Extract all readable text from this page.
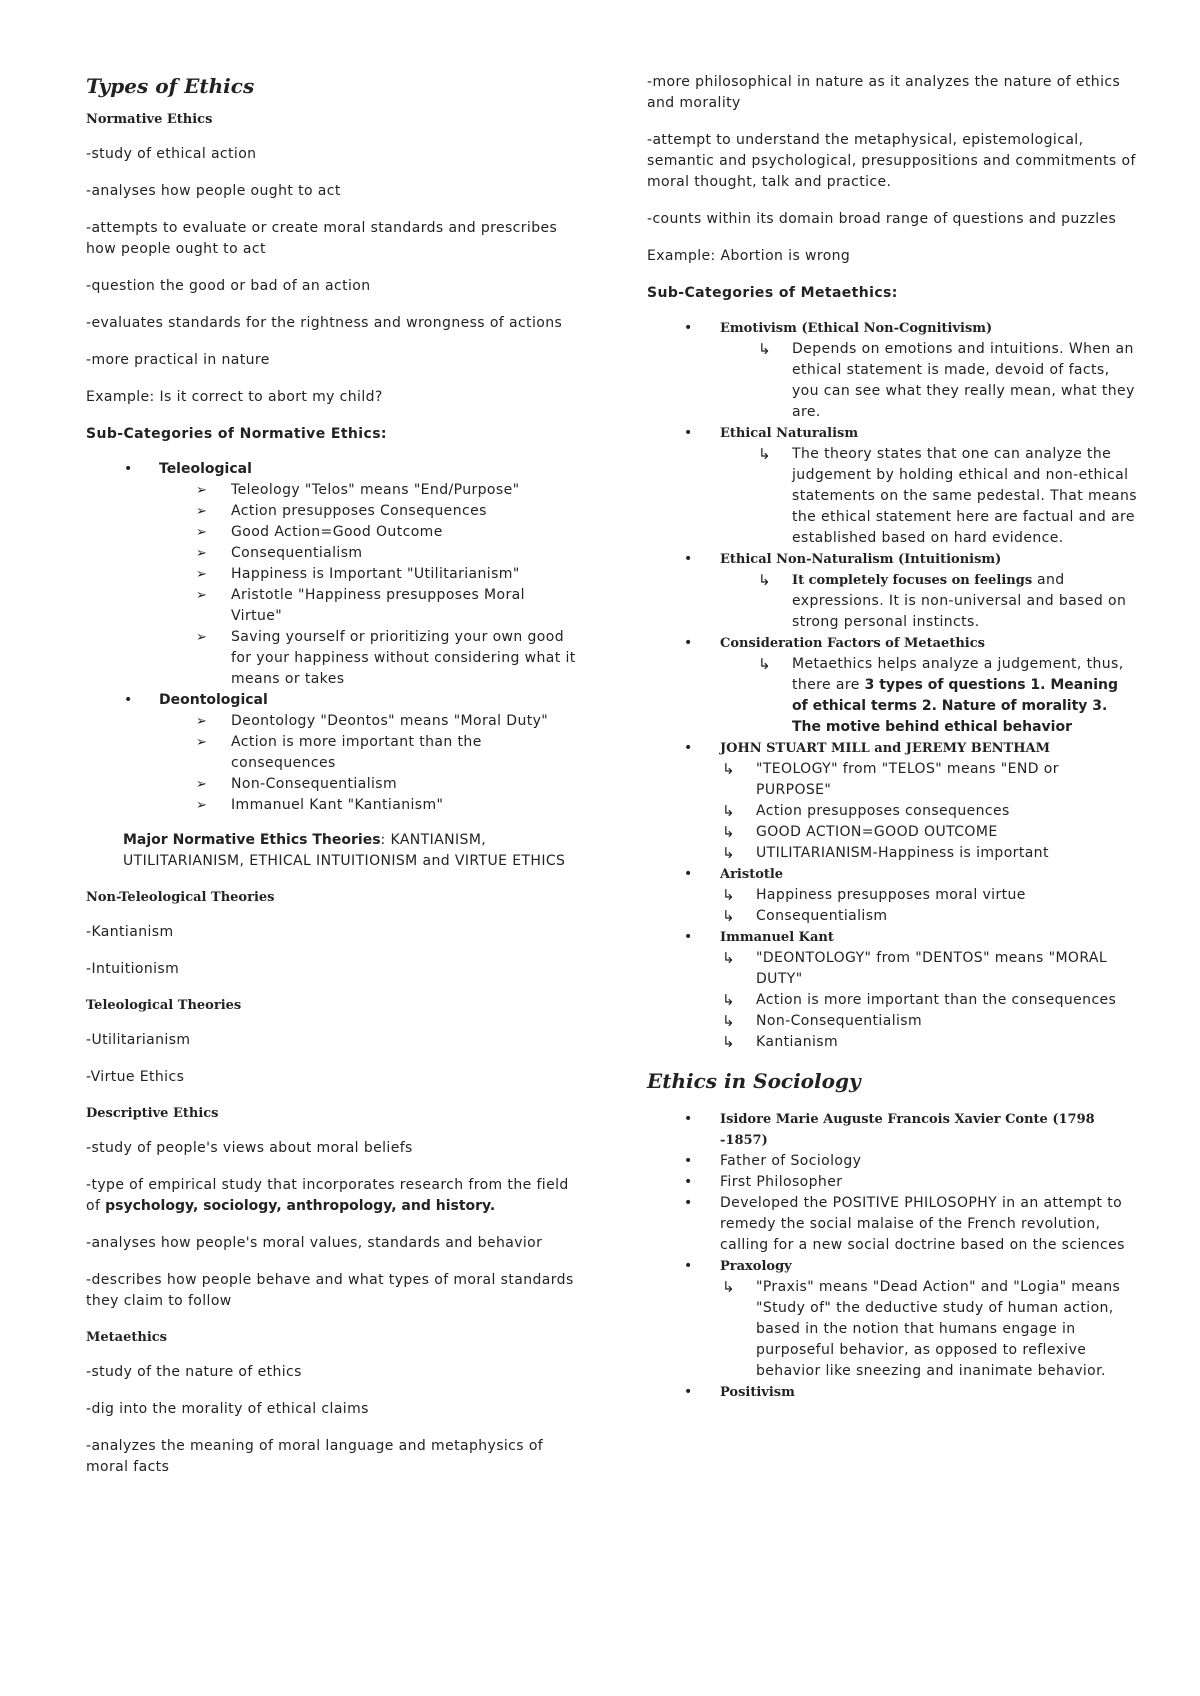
Types of Ethics
Normative Ethics

-study of ethical action

-analyses how people ought to act

-attempts to evaluate or create moral standards and prescribes how people ought to act

-question the good or bad of an action

-evaluates standards for the rightness and wrongness of actions

-more practical in nature

Example: Is it correct to abort my child?

Sub-Categories of Normative Ethics:

• Teleological
➢ Teleology "Telos" means "End/Purpose"
➢ Action presupposes Consequences
➢ Good Action=Good Outcome
➢ Consequentialism
➢ Happiness is Important "Utilitarianism"
➢ Aristotle "Happiness presupposes Moral Virtue"
➢ Saving yourself or prioritizing your own good for your happiness without considering what it means or takes
• Deontological
➢ Deontology "Deontos" means "Moral Duty"
➢ Action is more important than the consequences
➢ Non-Consequentialism
➢ Immanuel Kant "Kantianism"

Major Normative Ethics Theories: KANTIANISM, UTILITARIANISM, ETHICAL INTUITIONISM and VIRTUE ETHICS

Non-Teleological Theories

-Kantianism

-Intuitionism

Teleological Theories

-Utilitarianism

-Virtue Ethics

Descriptive Ethics

-study of people's views about moral beliefs

-type of empirical study that incorporates research from the field of psychology, sociology, anthropology, and history.

-analyses how people's moral values, standards and behavior

-describes how people behave and what types of moral standards they claim to follow

Metaethics

-study of the nature of ethics

-dig into the morality of ethical claims

-analyzes the meaning of moral language and metaphysics of moral facts

-more philosophical in nature as it analyzes the nature of ethics and morality

-attempt to understand the metaphysical, epistemological, semantic and psychological, presuppositions and commitments of moral thought, talk and practice.

-counts within its domain broad range of questions and puzzles

Example: Abortion is wrong

Sub-Categories of Metaethics:

• Emotivism (Ethical Non-Cognitivism)
↳ Depends on emotions and intuitions. When an ethical statement is made, devoid of facts, you can see what they really mean, what they are.
• Ethical Naturalism
↳ The theory states that one can analyze the judgement by holding ethical and non-ethical statements on the same pedestal. That means the ethical statement here are factual and are established based on hard evidence.
• Ethical Non-Naturalism (Intuitionism)
↳ It completely focuses on feelings and expressions. It is non-universal and based on strong personal instincts.
• Consideration Factors of Metaethics
↳ Metaethics helps analyze a judgement, thus, there are 3 types of questions 1. Meaning of ethical terms 2. Nature of morality 3. The motive behind ethical behavior
• JOHN STUART MILL and JEREMY BENTHAM
↳ "TEOLOGY" from "TELOS" means "END or PURPOSE"
↳ Action presupposes consequences
↳ GOOD ACTION=GOOD OUTCOME
↳ UTILITARIANISM-Happiness is important
• Aristotle
↳ Happiness presupposes moral virtue
↳ Consequentialism
• Immanuel Kant
↳ "DEONTOLOGY" from "DENTOS" means "MORAL DUTY"
↳ Action is more important than the consequences
↳ Non-Consequentialism
↳ Kantianism
Ethics in Sociology
• Isidore Marie Auguste Francois Xavier Conte (1798 -1857)
• Father of Sociology
• First Philosopher
• Developed the POSITIVE PHILOSOPHY in an attempt to remedy the social malaise of the French revolution, calling for a new social doctrine based on the sciences
• Praxology
↳ "Praxis" means "Dead Action" and "Logia" means "Study of" the deductive study of human action, based in the notion that humans engage in purposeful behavior, as opposed to reflexive behavior like sneezing and inanimate behavior.
• Positivism
